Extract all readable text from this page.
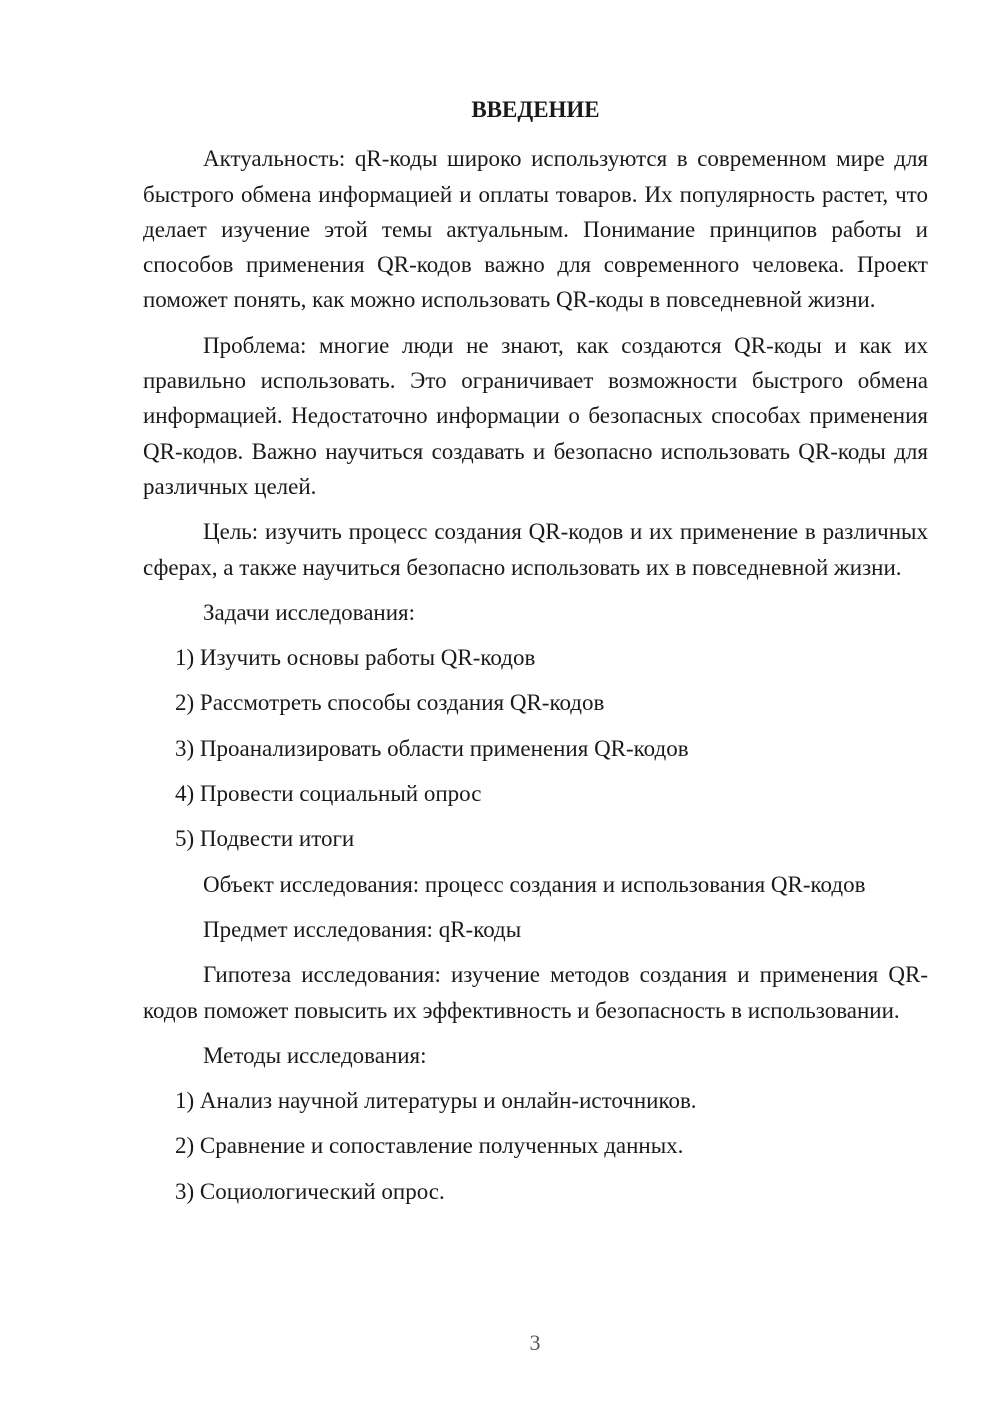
ВВЕДЕНИЕ

Актуальность: qR-коды широко используются в современном мире для быстрого обмена информацией и оплаты товаров. Их популярность растет, что делает изучение этой темы актуальным. Понимание принципов работы и способов применения QR-кодов важно для современного человека. Проект поможет понять, как можно использовать QR-коды в повседневной жизни.

Проблема: многие люди не знают, как создаются QR-коды и как их правильно использовать. Это ограничивает возможности быстрого обмена информацией. Недостаточно информации о безопасных способах применения QR-кодов. Важно научиться создавать и безопасно использовать QR-коды для различных целей.

Цель: изучить процесс создания QR-кодов и их применение в различных сферах, а также научиться безопасно использовать их в повседневной жизни.

Задачи исследования:

1) Изучить основы работы QR-кодов

2) Рассмотреть способы создания QR-кодов

3) Проанализировать области применения QR-кодов

4) Провести социальный опрос

5) Подвести итоги

Объект исследования: процесс создания и использования QR-кодов

Предмет исследования: qR-коды

Гипотеза исследования: изучение методов создания и применения QR-кодов поможет повысить их эффективность и безопасность в использовании.

Методы исследования:

1) Анализ научной литературы и онлайн-источников.

2) Сравнение и сопоставление полученных данных.

3) Социологический опрос.

3
